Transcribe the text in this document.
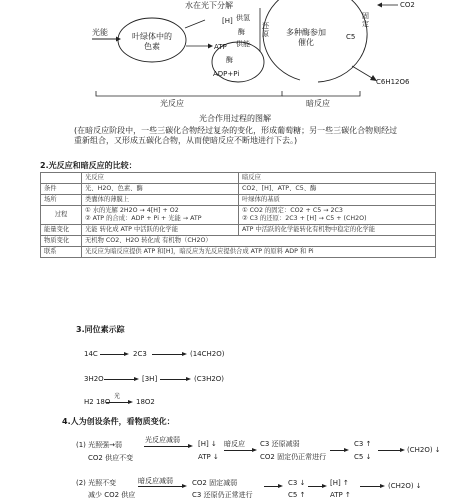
水在光下分解
光能	叶绿体中的色素
[H] 供氢
酶
供能
还原
ATP
酶
ADP+Pi
多种酶参加催化
固定
CO2
C5
C6H12O6
光反应	暗反应
光合作用过程的图解
(在暗反应阶段中，一些三碳化合物经过复杂的变化，形成葡萄糖；另一些三碳化合物则经过重新组合，又形成五碳化合物，从而使暗反应不断地进行下去。)
2.光反应和暗反应的比较：
	光反应	暗反应
条件	光、H2O、色素、酶	CO2、[H]、ATP、C5、酶
场所	类囊体的薄膜上	叶绿体的基质
过程	① 水的光解 2H2O → 4[H] + O2
② ATP 的合成：ADP + Pi + 光能 → ATP	① CO2 的固定：CO2 + C5 → 2C3
② C3 的还原：2C3 + [H] → C5 + (CH2O)
能量变化	光能 转化成 ATP 中活跃的化学能	ATP 中活跃的化学能转化有机物中稳定的化学能
物质变化	无机物 CO2、H2O 转化成 有机物（CH2O）	
联系	光反应为暗反应提供 ATP 和[H]，暗反应为光反应提供合成 ATP 的原料 ADP 和 Pi	
3.同位素示踪
14C	2C3	(14CH2O)
3H2O	[3H]	(C3H2O)
H2 18O
光
18O2
4.人为创设条件，看物质变化：
(1) 光照强→弱
CO2 供应不变
光反应减弱	[H] ↓
ATP ↓
暗反应 C3 还原减弱
CO2 固定仍正常进行
C3 ↑
C5 ↓
(CH2O) ↓
(2) 光照不变
减少 CO2 供应
暗反应减弱	CO2 固定减弱
C3 还原仍正常进行
C3 ↓
C5 ↑
[H] ↑
ATP ↑
(CH2O) ↓
